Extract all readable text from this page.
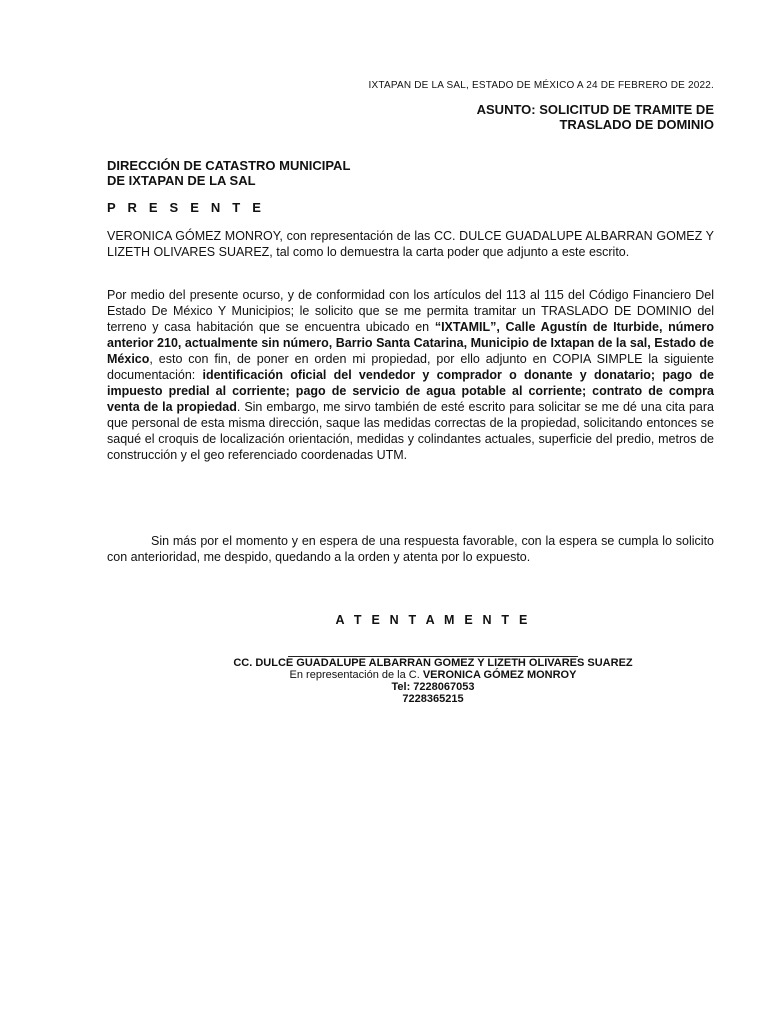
IXTAPAN DE LA SAL, ESTADO DE MÉXICO A 24 DE FEBRERO DE 2022.
ASUNTO: SOLICITUD DE TRAMITE DE
TRASLADO DE DOMINIO
DIRECCIÓN DE CATASTRO MUNICIPAL
DE IXTAPAN DE LA SAL
P R E S E N T E

VERONICA GÓMEZ MONROY, con representación de las CC. DULCE GUADALUPE ALBARRAN GOMEZ Y LIZETH OLIVARES SUAREZ, tal como lo demuestra la carta poder que adjunto a este escrito.

Por medio del presente ocurso, y de conformidad con los artículos del 113 al 115 del Código Financiero Del Estado De México Y Municipios; le solicito que se me permita tramitar un TRASLADO DE DOMINIO del terreno y casa habitación que se encuentra ubicado en “IXTAMIL”, Calle Agustín de Iturbide, número anterior 210, actualmente sin número, Barrio Santa Catarina, Municipio de Ixtapan de la sal, Estado de México, esto con fin, de poner en orden mi propiedad, por ello adjunto en COPIA SIMPLE la siguiente documentación: identificación oficial del vendedor y comprador o donante y donatario; pago de impuesto predial al corriente; pago de servicio de agua potable al corriente; contrato de compra venta de la propiedad. Sin embargo, me sirvo también de esté escrito para solicitar se me dé una cita para que personal de esta misma dirección, saque las medidas correctas de la propiedad, solicitando entonces se saqué el croquis de localización orientación, medidas y colindantes actuales, superficie del predio, metros de construcción y el geo referenciado coordenadas UTM.

Sin más por el momento y en espera de una respuesta favorable, con la espera se cumpla lo solicito con anterioridad, me despido, quedando a la orden y atenta por lo expuesto.

A T E N T A M E N T E
CC. DULCE GUADALUPE ALBARRAN GOMEZ Y LIZETH OLIVARES SUAREZ
En representación de la C. VERONICA GÓMEZ MONROY
Tel: 7228067053
7228365215
